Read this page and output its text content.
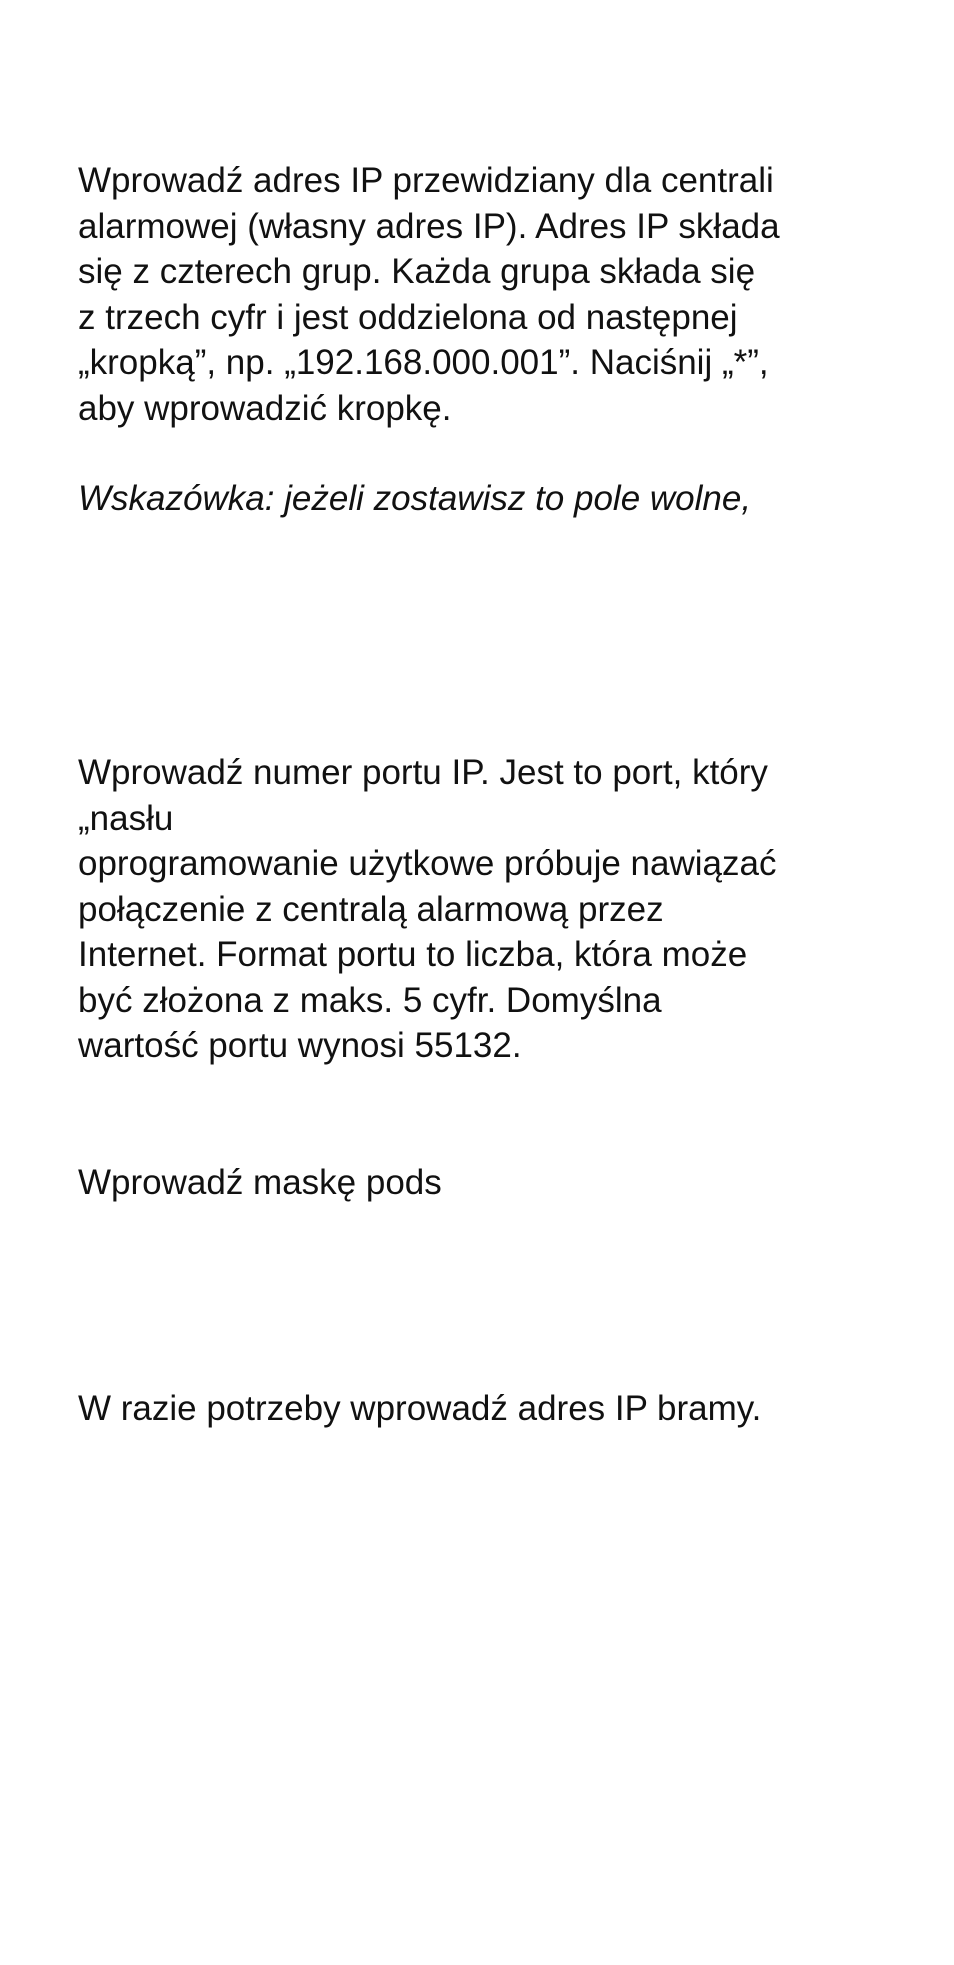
Wprowadź adres IP przewidziany dla centrali
alarmowej (własny adres IP). Adres IP składa
się z czterech grup. Każda grupa składa się
z trzech cyfr i jest oddzielona od następnej
„kropką”, np. „192.168.000.001”. Naciśnij „*”,
aby wprowadzić kropkę.
Wskazówka: jeżeli zostawisz to pole wolne,
Wprowadź numer portu IP. Jest to port, który
„nasłu
oprogramowanie użytkowe próbuje nawiązać
połączenie z centralą alarmową przez
Internet. Format portu to liczba, która może
być złożona z maks. 5 cyfr. Domyślna
wartość portu wynosi 55132.
Wprowadź maskę pods
W razie potrzeby wprowadź adres IP bramy.
